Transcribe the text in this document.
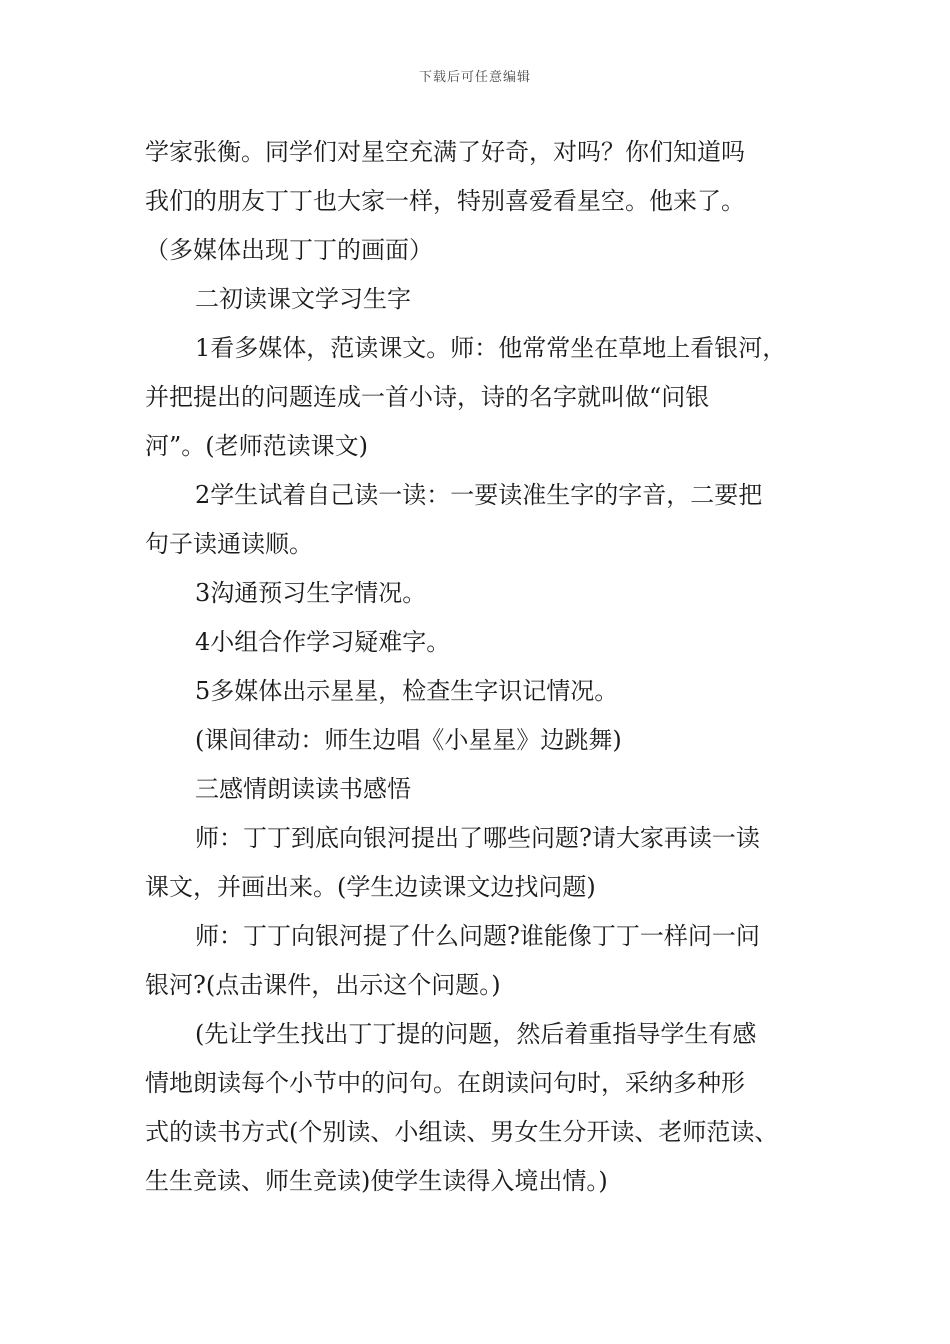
下载后可任意编辑
学家张衡。同学们对星空充满了好奇，对吗？你们知道吗
我们的朋友丁丁也大家一样，特别喜爱看星空。他来了。
（多媒体出现丁丁的画面）
二初读课文学习生字
1看多媒体，范读课文。师：他常常坐在草地上看银河，
并把提出的问题连成一首小诗，诗的名字就叫做“问银
河”。(老师范读课文)
2学生试着自己读一读：一要读准生字的字音，二要把
句子读通读顺。
3沟通预习生字情况。
4小组合作学习疑难字。
5多媒体出示星星，检查生字识记情况。
(课间律动：师生边唱《小星星》边跳舞)
三感情朗读读书感悟
师：丁丁到底向银河提出了哪些问题?请大家再读一读
课文，并画出来。(学生边读课文边找问题)
师：丁丁向银河提了什么问题?谁能像丁丁一样问一问
银河?(点击课件，出示这个问题。)
(先让学生找出丁丁提的问题，然后着重指导学生有感
情地朗读每个小节中的问句。在朗读问句时，采纳多种形
式的读书方式(个别读、小组读、男女生分开读、老师范读、
生生竞读、师生竞读)使学生读得入境出情。)
